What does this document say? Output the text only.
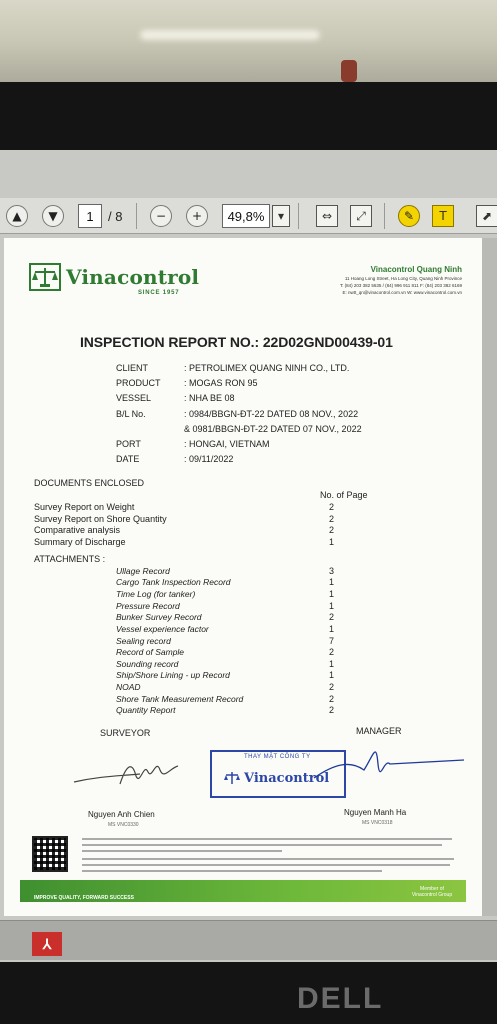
▲	▼	1	/ 8	−	+	49,8%	▾	⇔	⤢	✎	T	⬈
Vinacontrol
SINCE 1957
Vinacontrol Quang Ninh
11 Hoang Long Street, Ha Long City, Quang Ninh Province
T: (84) 203 382 5635 / (84) 996 911 811 F: (84) 203 382 6169
E: nwtt_qn@vinacontrol.com.vn W: www.vinacontrol.com.vn
INSPECTION REPORT NO.: 22D02GND00439-01
CLIENT	: PETROLIMEX QUANG NINH CO., LTD.
PRODUCT	: MOGAS RON 95
VESSEL	: NHA BE 08
B/L No.	: 0984/BBGN-ĐT-22 DATED 08 NOV., 2022
& 0981/BBGN-ĐT-22 DATED 07 NOV., 2022
PORT	: HONGAI, VIETNAM
DATE	: 09/11/2022
DOCUMENTS ENCLOSED
No. of Page
Survey Report on Weight	2
Survey Report on Shore Quantity	2
Comparative analysis	2
Summary of Discharge	1
ATTACHMENTS :
Ullage Record	3
Cargo Tank Inspection Record	1
Time Log (for tanker)	1
Pressure Record	1
Bunker Survey Record	2
Vessel experience factor	1
Sealing record	7
Record of Sample	2
Sounding record	1
Ship/Shore Lining - up Record	1
NOAD	2
Shore Tank Measurement Record	2
Quantity Report	2
SURVEYOR	MANAGER
THAY MẶT CÔNG TY
Vinacontrol
Nguyen Anh Chien
MS VNC0330
Nguyen Manh Ha
MS VNC0318
IMPROVE QUALITY, FORWARD SUCCESS
Member of
Vinacontrol Group
⅄
DELL
